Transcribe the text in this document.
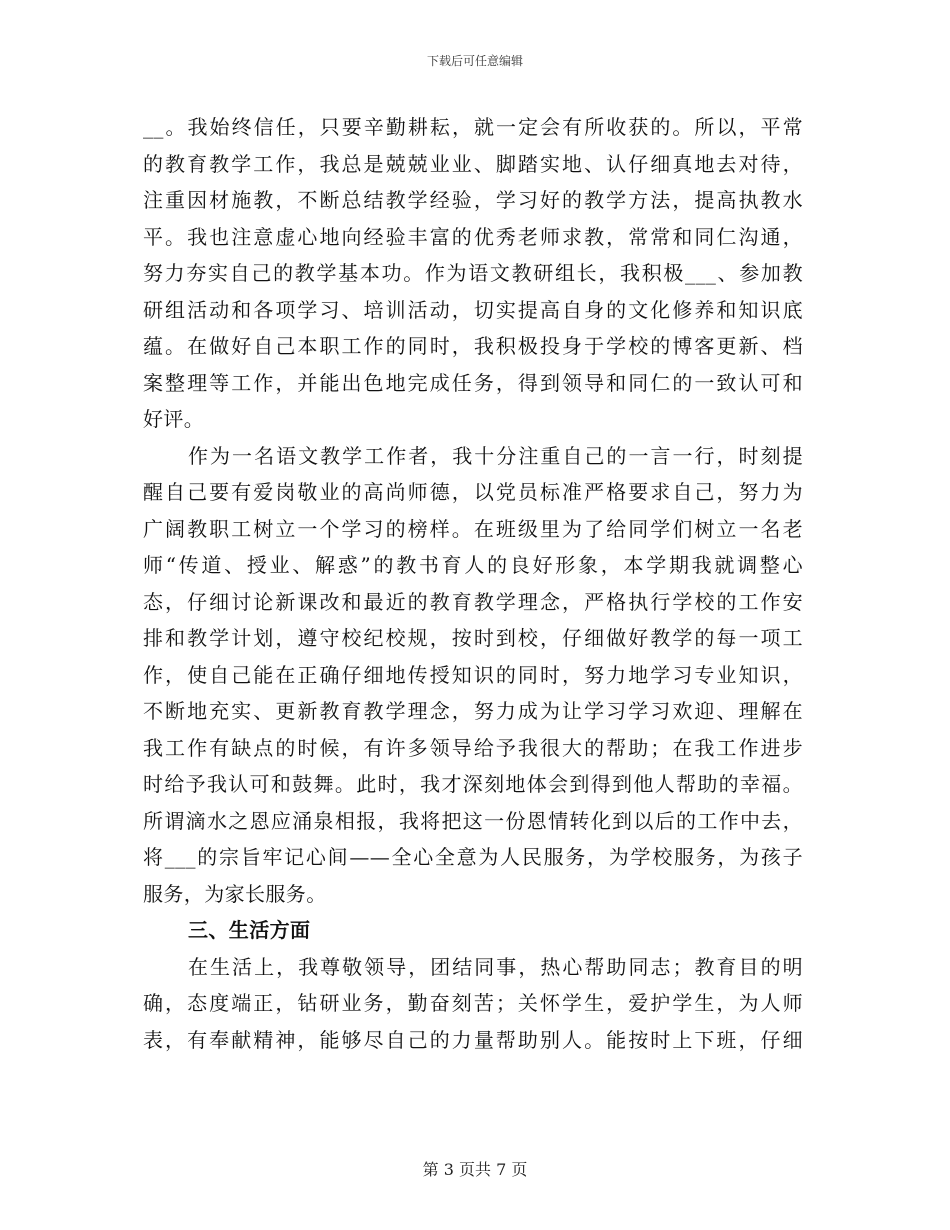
下载后可任意编辑
__。我始终信任，只要辛勤耕耘，就一定会有所收获的。所以，平常
的教育教学工作，我总是兢兢业业、脚踏实地、认仔细真地去对待，
注重因材施教，不断总结教学经验，学习好的教学方法，提高执教水
平。我也注意虚心地向经验丰富的优秀老师求教，常常和同仁沟通，
努力夯实自己的教学基本功。作为语文教研组长，我积极___、参加教
研组活动和各项学习、培训活动，切实提高自身的文化修养和知识底
蕴。在做好自己本职工作的同时，我积极投身于学校的博客更新、档
案整理等工作，并能出色地完成任务，得到领导和同仁的一致认可和
好评。
作为一名语文教学工作者，我十分注重自己的一言一行，时刻提
醒自己要有爱岗敬业的高尚师德，以党员标准严格要求自己，努力为
广阔教职工树立一个学习的榜样。在班级里为了给同学们树立一名老
师“传道、授业、解惑”的教书育人的良好形象，本学期我就调整心
态，仔细讨论新课改和最近的教育教学理念，严格执行学校的工作安
排和教学计划，遵守校纪校规，按时到校，仔细做好教学的每一项工
作，使自己能在正确仔细地传授知识的同时，努力地学习专业知识，
不断地充实、更新教育教学理念，努力成为让学习学习欢迎、理解在
我工作有缺点的时候，有许多领导给予我很大的帮助；在我工作进步
时给予我认可和鼓舞。此时，我才深刻地体会到得到他人帮助的幸福。
所谓滴水之恩应涌泉相报，我将把这一份恩情转化到以后的工作中去，
将___的宗旨牢记心间——全心全意为人民服务，为学校服务，为孩子
服务，为家长服务。
三、生活方面
在生活上，我尊敬领导，团结同事，热心帮助同志；教育目的明
确，态度端正，钻研业务，勤奋刻苦；关怀学生，爱护学生，为人师
表，有奉献精神，能够尽自己的力量帮助别人。能按时上下班，仔细
第 3 页共 7 页
